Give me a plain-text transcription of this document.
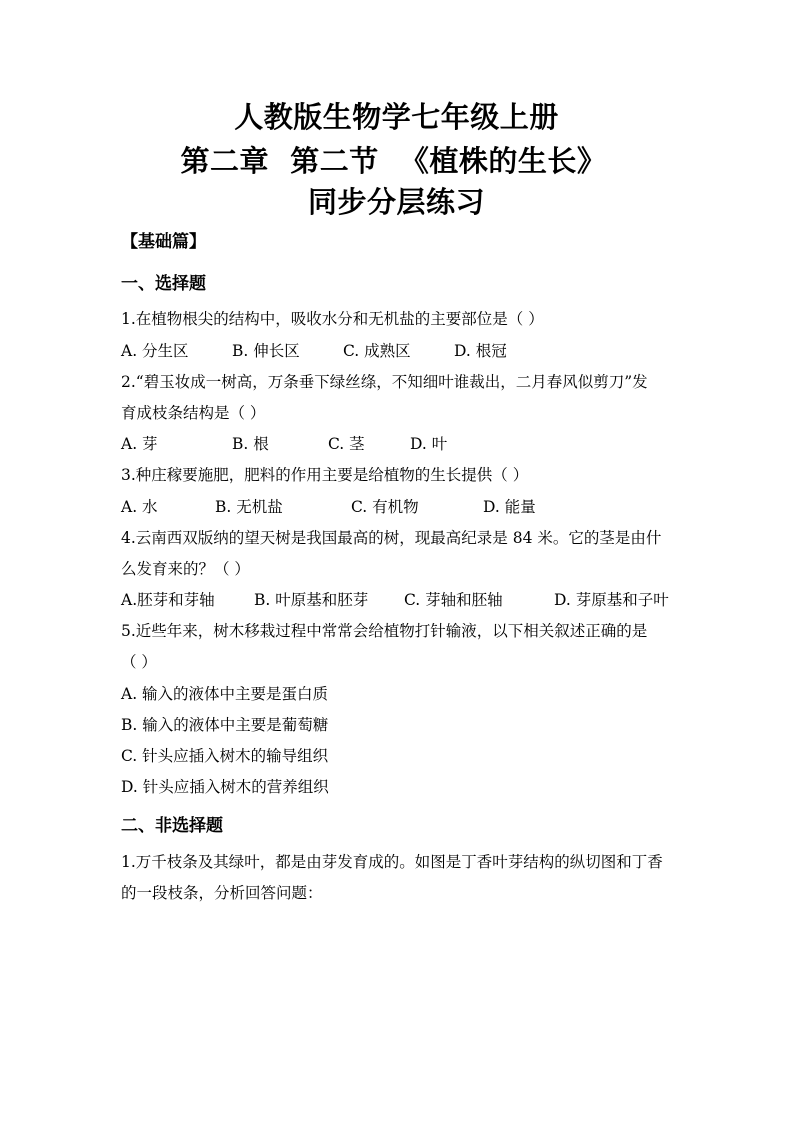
人教版生物学七年级上册
第二章  第二节  《植株的生长》
同步分层练习
【基础篇】
一、选择题
1.在植物根尖的结构中，吸收水分和无机盐的主要部位是（ ）
A. 分生区	B. 伸长区	C. 成熟区	D. 根冠
2.“碧玉妆成一树高，万条垂下绿丝绦，不知细叶谁裁出，二月春风似剪刀”发
育成枝条结构是（ ）
A. 芽	B. 根	C. 茎	D. 叶
3.种庄稼要施肥，肥料的作用主要是给植物的生长提供（ ）
A. 水	B. 无机盐	C. 有机物	D. 能量
4.云南西双版纳的望天树是我国最高的树，现最高纪录是 84 米。它的茎是由什
么发育来的？（ ）
A.胚芽和芽轴	B. 叶原基和胚芽 C. 芽轴和胚轴	D. 芽原基和子叶
5.近些年来，树木移栽过程中常常会给植物打针输液，以下相关叙述正确的是
（ ）
A. 输入的液体中主要是蛋白质
B. 输入的液体中主要是葡萄糖
C. 针头应插入树木的输导组织
D. 针头应插入树木的营养组织
二、非选择题
1.万千枝条及其绿叶，都是由芽发育成的。如图是丁香叶芽结构的纵切图和丁香
的一段枝条，分析回答问题：
